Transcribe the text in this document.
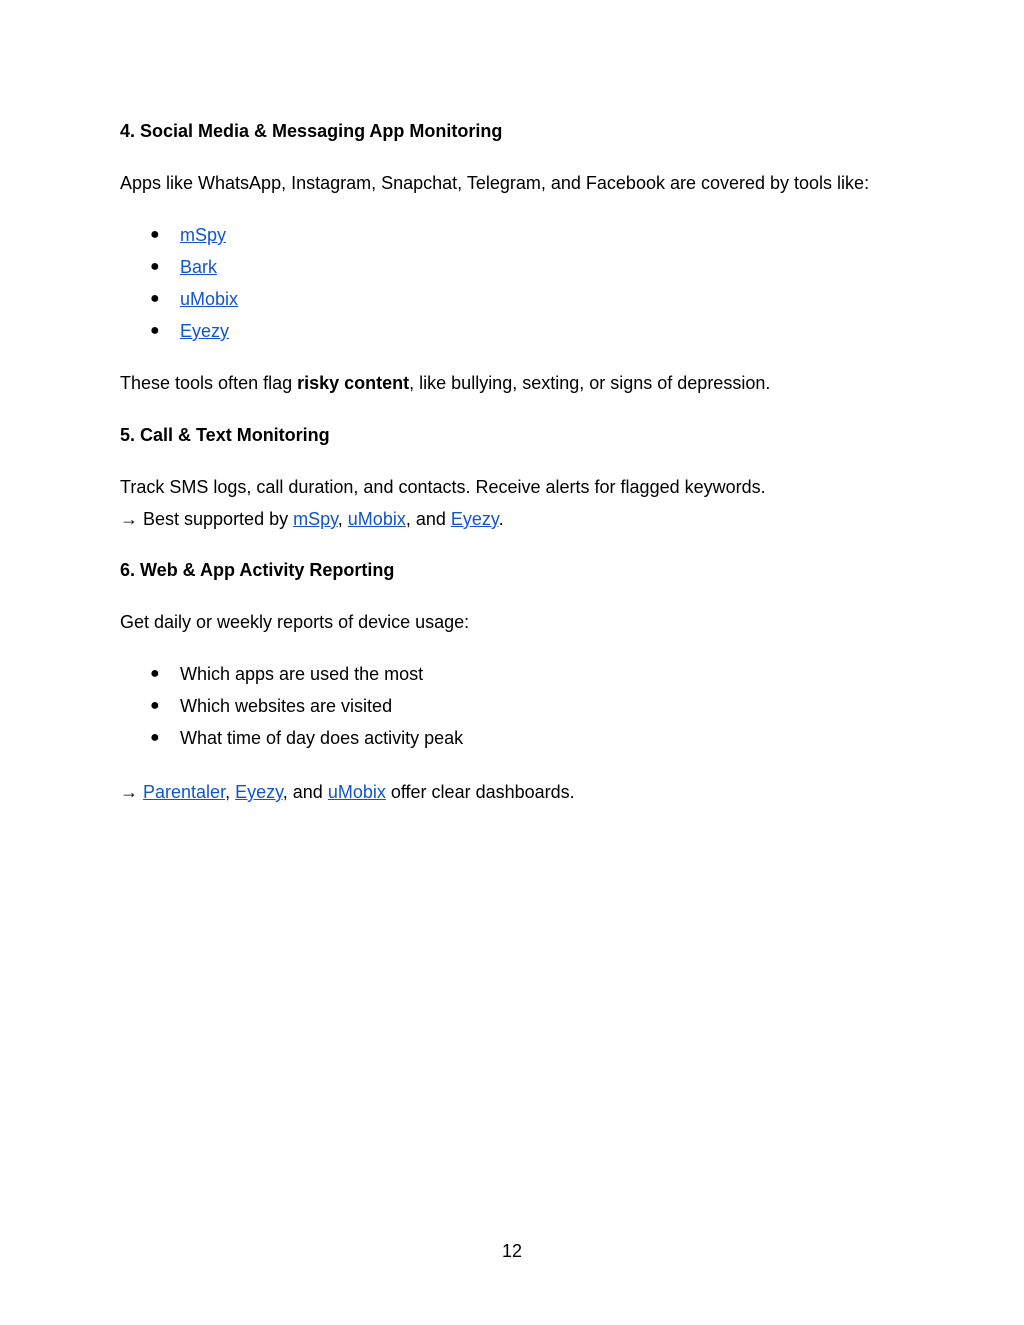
4. Social Media & Messaging App Monitoring
Apps like WhatsApp, Instagram, Snapchat, Telegram, and Facebook are covered by tools like:
● mSpy
● Bark
● uMobix
● Eyezy
These tools often flag risky content, like bullying, sexting, or signs of depression.
5. Call & Text Monitoring
Track SMS logs, call duration, and contacts. Receive alerts for flagged keywords.
→ Best supported by mSpy, uMobix, and Eyezy.
6. Web & App Activity Reporting
Get daily or weekly reports of device usage:
● Which apps are used the most
● Which websites are visited
● What time of day does activity peak
→ Parentaler, Eyezy, and uMobix offer clear dashboards.
12
